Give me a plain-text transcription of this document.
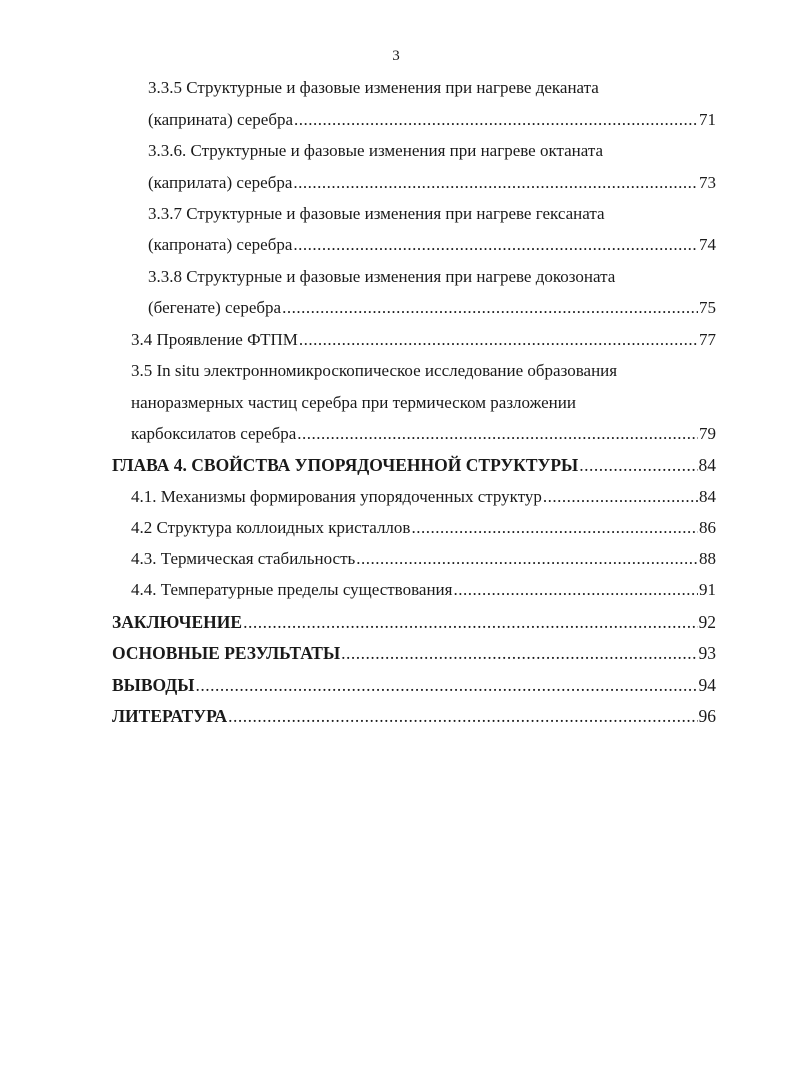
3
3.3.5 Структурные и фазовые изменения при нагреве деканата
(каприната) серебра .....	71
3.3.6. Структурные и фазовые изменения при нагреве октаната
(каприлата) серебра .....	73
3.3.7 Структурные и фазовые изменения при нагреве гексаната
(капроната) серебра .....	74
3.3.8 Структурные и фазовые изменения при нагреве докозоната
(бегенате) серебра .....	75
3.4 Проявление ФТПМ .....	77
3.5 In situ электронномикроскопическое исследование образования
наноразмерных частиц серебра при термическом разложении
карбоксилатов серебра .....	79
ГЛАВА 4. СВОЙСТВА УПОРЯДОЧЕННОЙ СТРУКТУРЫ .....	84
4.1. Механизмы формирования упорядоченных структур .....	84
4.2 Структура коллоидных кристаллов .....	86
4.3. Термическая стабильность .....	88
4.4. Температурные пределы существования .....	91
ЗАКЛЮЧЕНИЕ .....	92
ОСНОВНЫЕ РЕЗУЛЬТАТЫ .....	93
ВЫВОДЫ .....	94
ЛИТЕРАТУРА .....	96
